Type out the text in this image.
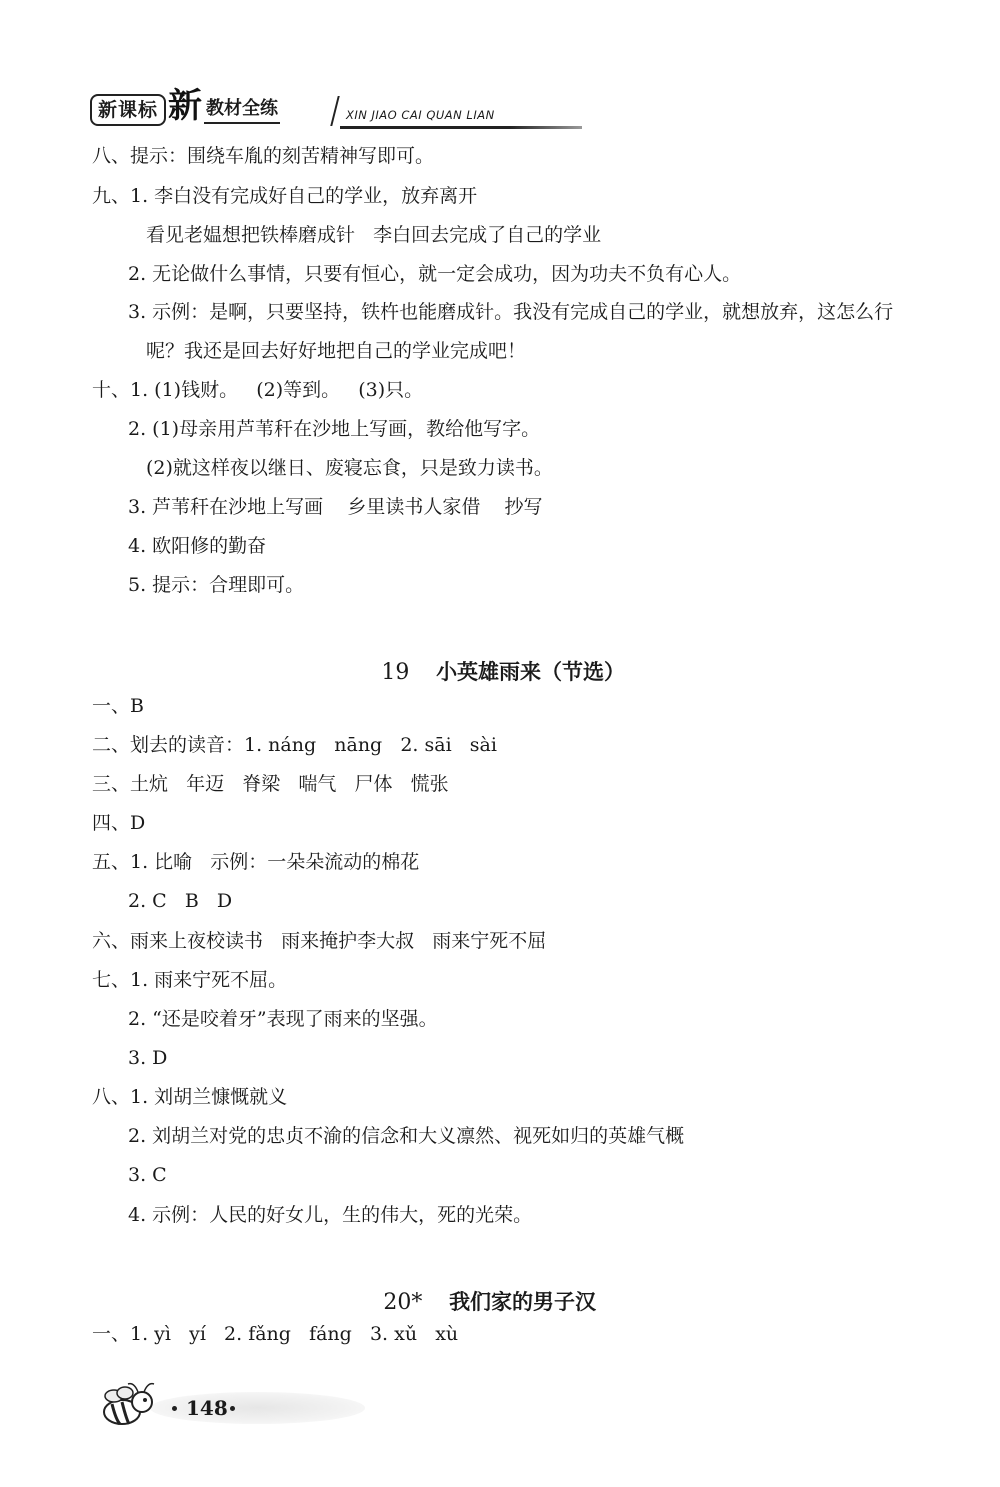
新课标 新 教材全练	XIN JIAO CAI QUAN LIAN
八、提示：围绕车胤的刻苦精神写即可。
九、1. 李白没有完成好自己的学业，放弃离开
看见老媪想把铁棒磨成针   李白回去完成了自己的学业
2. 无论做什么事情，只要有恒心，就一定会成功，因为功夫不负有心人。
3. 示例：是啊，只要坚持，铁杵也能磨成针。我没有完成自己的学业，就想放弃，这怎么行
呢？我还是回去好好地把自己的学业完成吧！
十、1. (1)钱财。   (2)等到。   (3)只。
2. (1)母亲用芦苇秆在沙地上写画，教给他写字。
(2)就这样夜以继日、废寝忘食，只是致力读书。
3. 芦苇秆在沙地上写画    乡里读书人家借    抄写
4. 欧阳修的勤奋
5. 提示：合理即可。

19 小英雄雨来（节选）

一、B
二、划去的读音：1. náng   nāng   2. sāi   sài
三、土炕   年迈   脊梁   喘气   尸体   慌张
四、D
五、1. 比喻   示例：一朵朵流动的棉花
2. C   B   D
六、雨来上夜校读书   雨来掩护李大叔   雨来宁死不屈
七、1. 雨来宁死不屈。
2. “还是咬着牙”表现了雨来的坚强。
3. D
八、1. 刘胡兰慷慨就义
2. 刘胡兰对党的忠贞不渝的信念和大义凛然、视死如归的英雄气概
3. C
4. 示例：人民的好女儿，生的伟大，死的光荣。

20* 我们家的男子汉

一、1. yì   yí   2. fǎng   fáng   3. xǔ   xù
148
